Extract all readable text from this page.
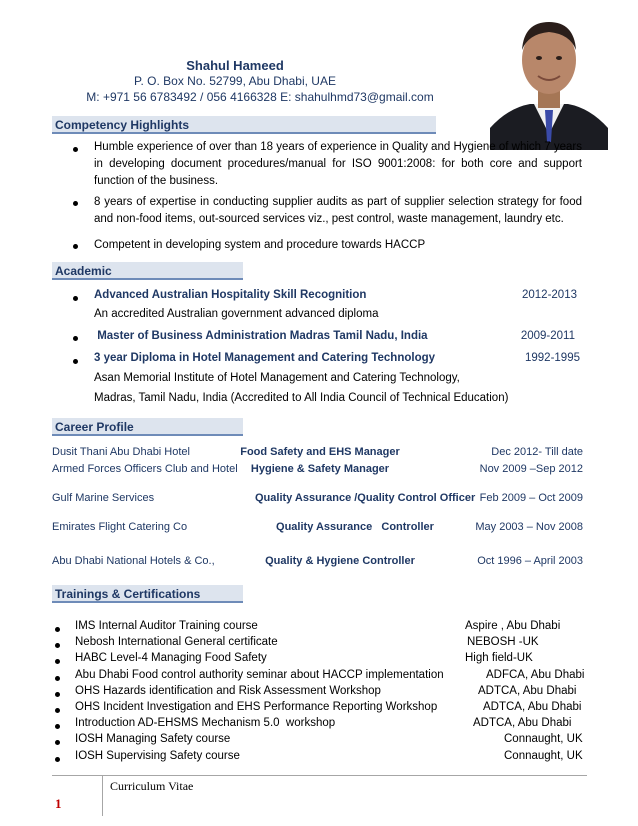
Shahul Hameed
P. O. Box No. 52799, Abu Dhabi, UAE
M: +971 56 6783492 / 056 4166328 E: shahulhmd73@gmail.com
Competency Highlights
Humble experience of over than 18 years of experience in Quality and Hygiene of which 7 years in developing document procedures/manual for ISO 9001:2008: for both core and support function of the business.
8 years of expertise in conducting supplier audits as part of supplier selection strategy for food and non-food items, out-sourced services viz., pest control, waste management, laundry etc.
Competent in developing system and procedure towards HACCP
Academic
Advanced Australian Hospitality Skill Recognition	2012-2013
An accredited Australian government advanced diploma
Master of Business Administration Madras Tamil Nadu, India	2009-2011
3 year Diploma in Hotel Management and Catering Technology	1992-1995
Asan Memorial Institute of Hotel Management and Catering Technology,
Madras, Tamil Nadu, India (Accredited to All India Council of Technical Education)
Career Profile
Dusit Thani Abu Dhabi Hotel	Food Safety and EHS Manager	Dec 2012- Till date
Armed Forces Officers Club and Hotel	Hygiene & Safety Manager	Nov 2009 –Sep 2012
Gulf Marine Services	Quality Assurance /Quality Control Officer Feb 2009 – Oct 2009
Emirates Flight Catering Co	Quality Assurance   Controller	May 2003 – Nov 2008
Abu Dhabi National Hotels & Co.,	Quality & Hygiene Controller	Oct 1996 – April 2003
Trainings & Certifications
IMS Internal Auditor Training course	Aspire , Abu Dhabi
Nebosh International General certificate	NEBOSH -UK
HABC Level-4 Managing Food Safety	High field-UK
Abu Dhabi Food control authority seminar about HACCP implementation	ADFCA, Abu Dhabi
OHS Hazards identification and Risk Assessment Workshop	ADTCA, Abu Dhabi
OHS Incident Investigation and EHS Performance Reporting Workshop	ADTCA, Abu Dhabi
Introduction AD-EHSMS Mechanism 5.0  workshop	ADTCA, Abu Dhabi
IOSH Managing Safety course	Connaught, UK
IOSH Supervising Safety course	Connaught, UK
Curriculum Vitae
1
